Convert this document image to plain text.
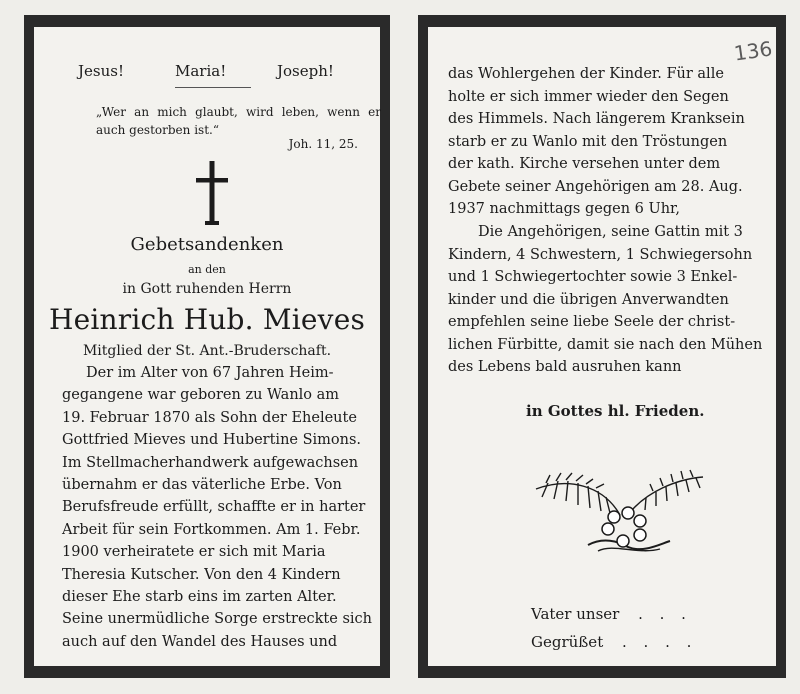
Jesus!	Maria!	Joseph!
„Wer an mich glaubt, wird leben, wenn er auch gestorben ist.“
Joh. 11, 25.
Gebetsandenken
an den
in Gott ruhenden Herrn
Heinrich Hub. Mieves
Mitglied der St. Ant.-Bruderschaft.
Der im Alter von 67 Jahren Heim-
gegangene war geboren zu Wanlo am
19. Februar 1870 als Sohn der Eheleute
Gottfried Mieves und Hubertine Simons.
Im Stellmacherhandwerk aufgewachsen
übernahm er das väterliche Erbe. Von
Berufsfreude erfüllt, schaffte er in harter
Arbeit für sein Fortkommen. Am 1. Febr.
1900 verheiratete er sich mit Maria
Theresia Kutscher. Von den 4 Kindern
dieser Ehe starb eins im zarten Alter.
Seine unermüdliche Sorge erstreckte sich
auch auf den Wandel des Hauses und
136
das Wohlergehen der Kinder. Für alle
holte er sich immer wieder den Segen
des Himmels. Nach längerem Kranksein
starb er zu Wanlo mit den Tröstungen
der kath. Kirche versehen unter dem
Gebete seiner Angehörigen am 28. Aug.
1937 nachmittags gegen 6 Uhr,
Die Angehörigen, seine Gattin mit 3
Kindern, 4 Schwestern, 1 Schwiegersohn
und 1 Schwiegertochter sowie 3 Enkel-
kinder und die übrigen Anverwandten
empfehlen seine liebe Seele der christ-
lichen Fürbitte, damit sie nach den Mühen
des Lebens bald ausruhen kann
in Gottes hl. Frieden.
Vater unser . . .
Gegrüßet . . . .
